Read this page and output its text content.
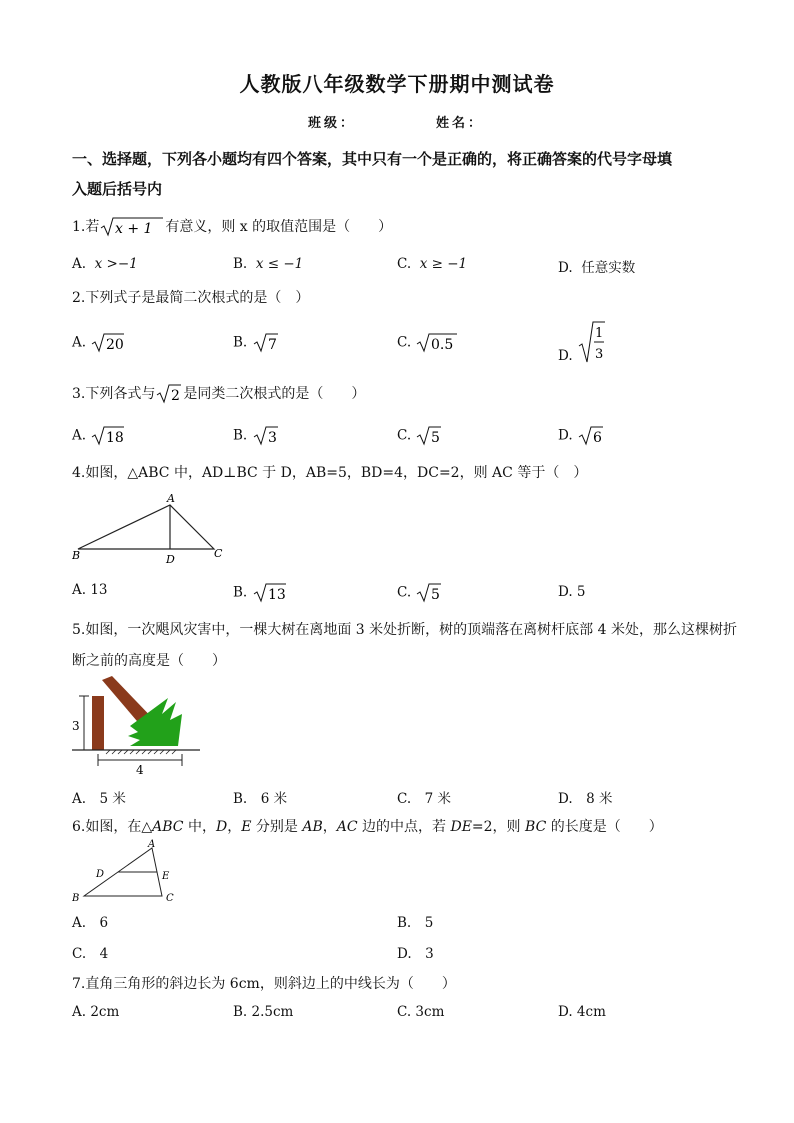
人教版八年级数学下册期中测试卷
班级：	姓名：
一、选择题，下列各小题均有四个答案，其中只有一个是正确的，将正确答案的代号字母填
入题后括号内
1.若 x + 1 有意义，则 x 的取值范围是（　　）
A. x >−1	B. x ≤ −1	C. x ≥ −1	D. 任意实数
2.下列式子是最简二次根式的是（　）
A. 20	B. 7	C. 0.5
D.
1
3
3.下列各式与 2 是同类二次根式的是（　　）
A. 18	B. 3	C. 5	D. 6
4.如图，△ABC 中，AD⊥BC 于 D，AB=5，BD=4，DC=2，则 AC 等于（　）
A
B	C
D
A. 13	B. 13	C. 5	D. 5
5.如图，一次飓风灾害中，一棵大树在离地面 3 米处折断，树的顶端落在离树杆底部 4 米处，那么这棵树折
断之前的高度是（　　）
3
4
A.　5 米	B.　6 米	C.　7 米	D.　8 米
6.如图，在△ABC 中，D，E 分别是 AB，AC 边的中点，若 DE=2，则 BC 的长度是（　　）
A
B	C
D	E
A.　6	B.　5
C.　4	D.　3
7.直角三角形的斜边长为 6cm，则斜边上的中线长为（　　）
A. 2cm	B. 2.5cm	C. 3cm	D. 4cm
